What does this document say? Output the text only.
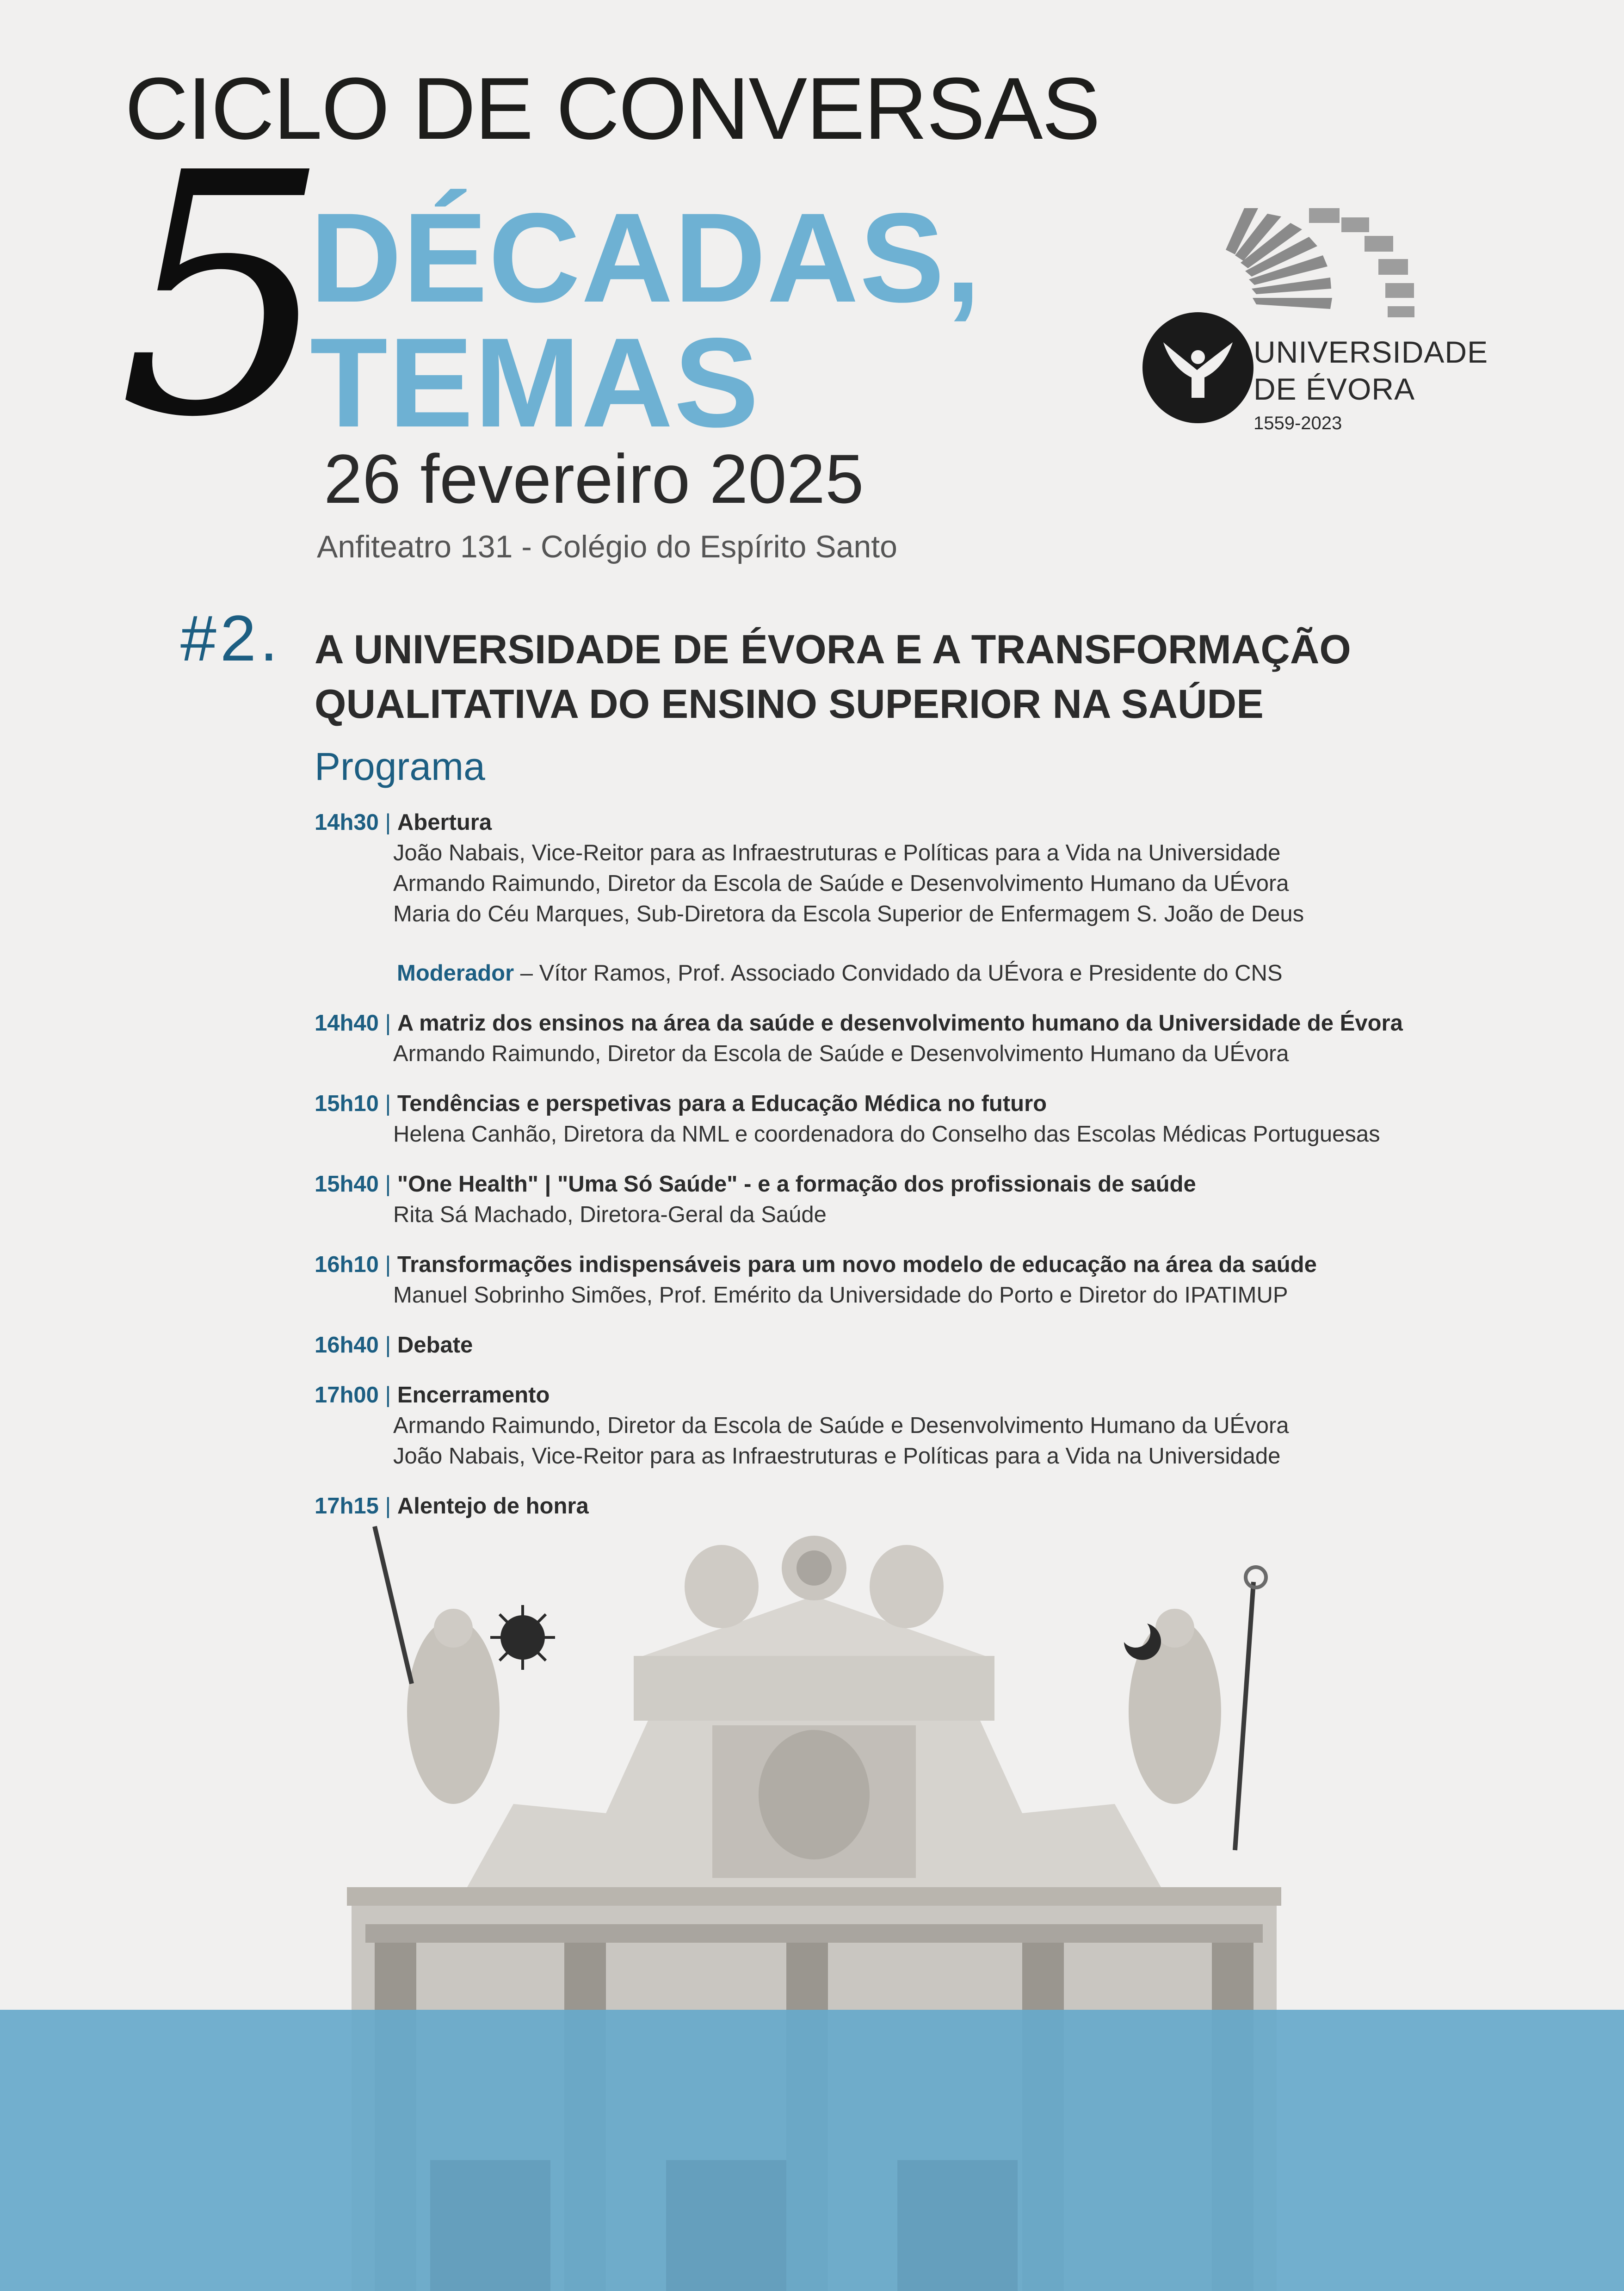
CICLO DE CONVERSAS
5
DÉCADAS,
TEMAS
26 fevereiro 2025
Anfiteatro 131 - Colégio do Espírito Santo
UNIVERSIDADE
DE ÉVORA
1559-2023
#2. A UNIVERSIDADE DE ÉVORA E A TRANSFORMAÇÃO QUALITATIVA DO ENSINO SUPERIOR NA SAÚDE
Programa
14h30 | Abertura
João Nabais, Vice-Reitor para as Infraestruturas e Políticas para a Vida na Universidade
Armando Raimundo, Diretor da Escola de Saúde e Desenvolvimento Humano da UÉvora
Maria do Céu Marques, Sub-Diretora da Escola Superior de Enfermagem S. João de Deus
Moderador – Vítor Ramos, Prof. Associado Convidado da UÉvora e Presidente do CNS
14h40 | A matriz dos ensinos na área da saúde e desenvolvimento humano da Universidade de Évora
Armando Raimundo, Diretor da Escola de Saúde e Desenvolvimento Humano da UÉvora
15h10 | Tendências e perspetivas para a Educação Médica no futuro
Helena Canhão, Diretora da NML e coordenadora do Conselho das Escolas Médicas Portuguesas
15h40 | "One Health" | "Uma Só Saúde" - e a formação dos profissionais de saúde
Rita Sá Machado, Diretora-Geral da Saúde
16h10 | Transformações indispensáveis para um novo modelo de educação na área da saúde
Manuel Sobrinho Simões, Prof. Emérito da Universidade do Porto e Diretor do IPATIMUP
16h40 | Debate
17h00 | Encerramento
Armando Raimundo, Diretor da Escola de Saúde e Desenvolvimento Humano da UÉvora
João Nabais, Vice-Reitor para as Infraestruturas e Políticas para a Vida na Universidade
17h15 | Alentejo de honra
